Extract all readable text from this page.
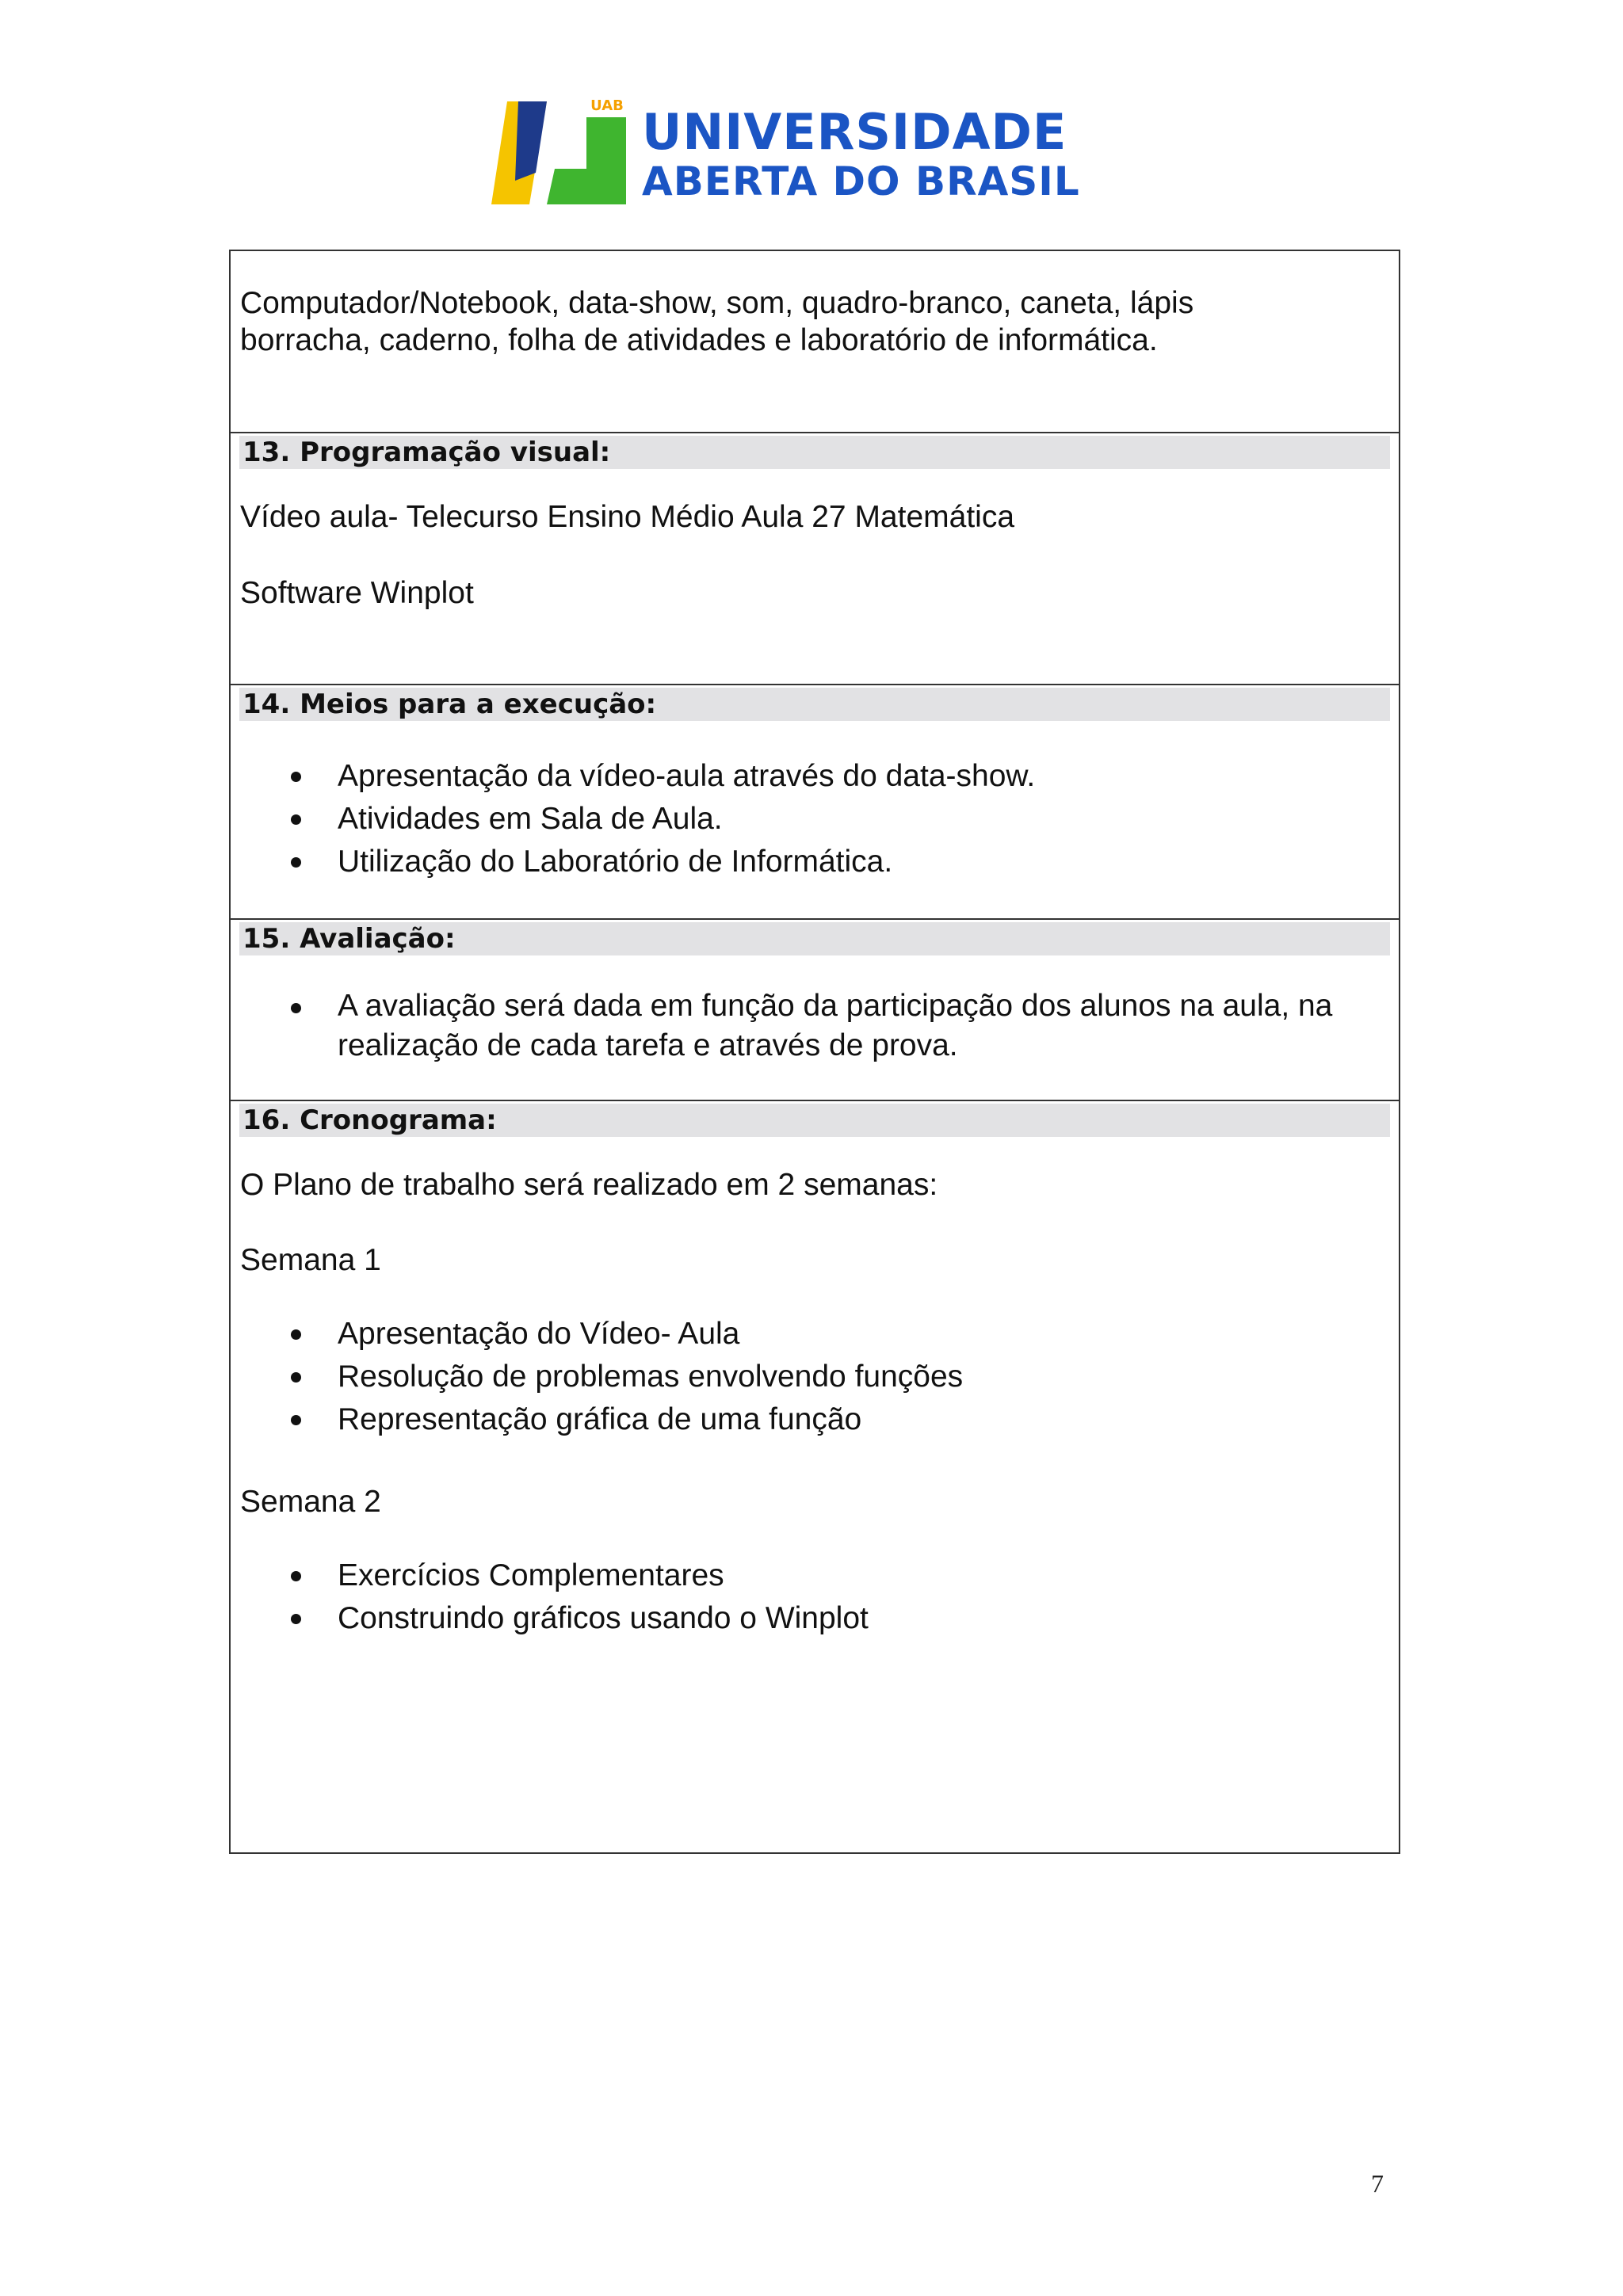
UAB UNIVERSIDADE
ABERTA DO BRASIL
Computador/Notebook, data-show, som, quadro-branco, caneta, lápis
borracha, caderno, folha de atividades e laboratório de informática.
13. Programação visual:
Vídeo aula- Telecurso Ensino Médio Aula 27 Matemática
Software Winplot
14. Meios para a execução:
Apresentação da vídeo-aula através do data-show.
Atividades em Sala de Aula.
Utilização do Laboratório de Informática.
15. Avaliação:
A avaliação será dada em função da participação dos alunos na aula, na realização de cada tarefa e através de prova.
16. Cronograma:
O Plano de trabalho será realizado em 2 semanas:
Semana 1
Apresentação do Vídeo- Aula
Resolução de problemas envolvendo funções
Representação gráfica de uma função
Semana 2
Exercícios Complementares
Construindo gráficos usando o Winplot
7
